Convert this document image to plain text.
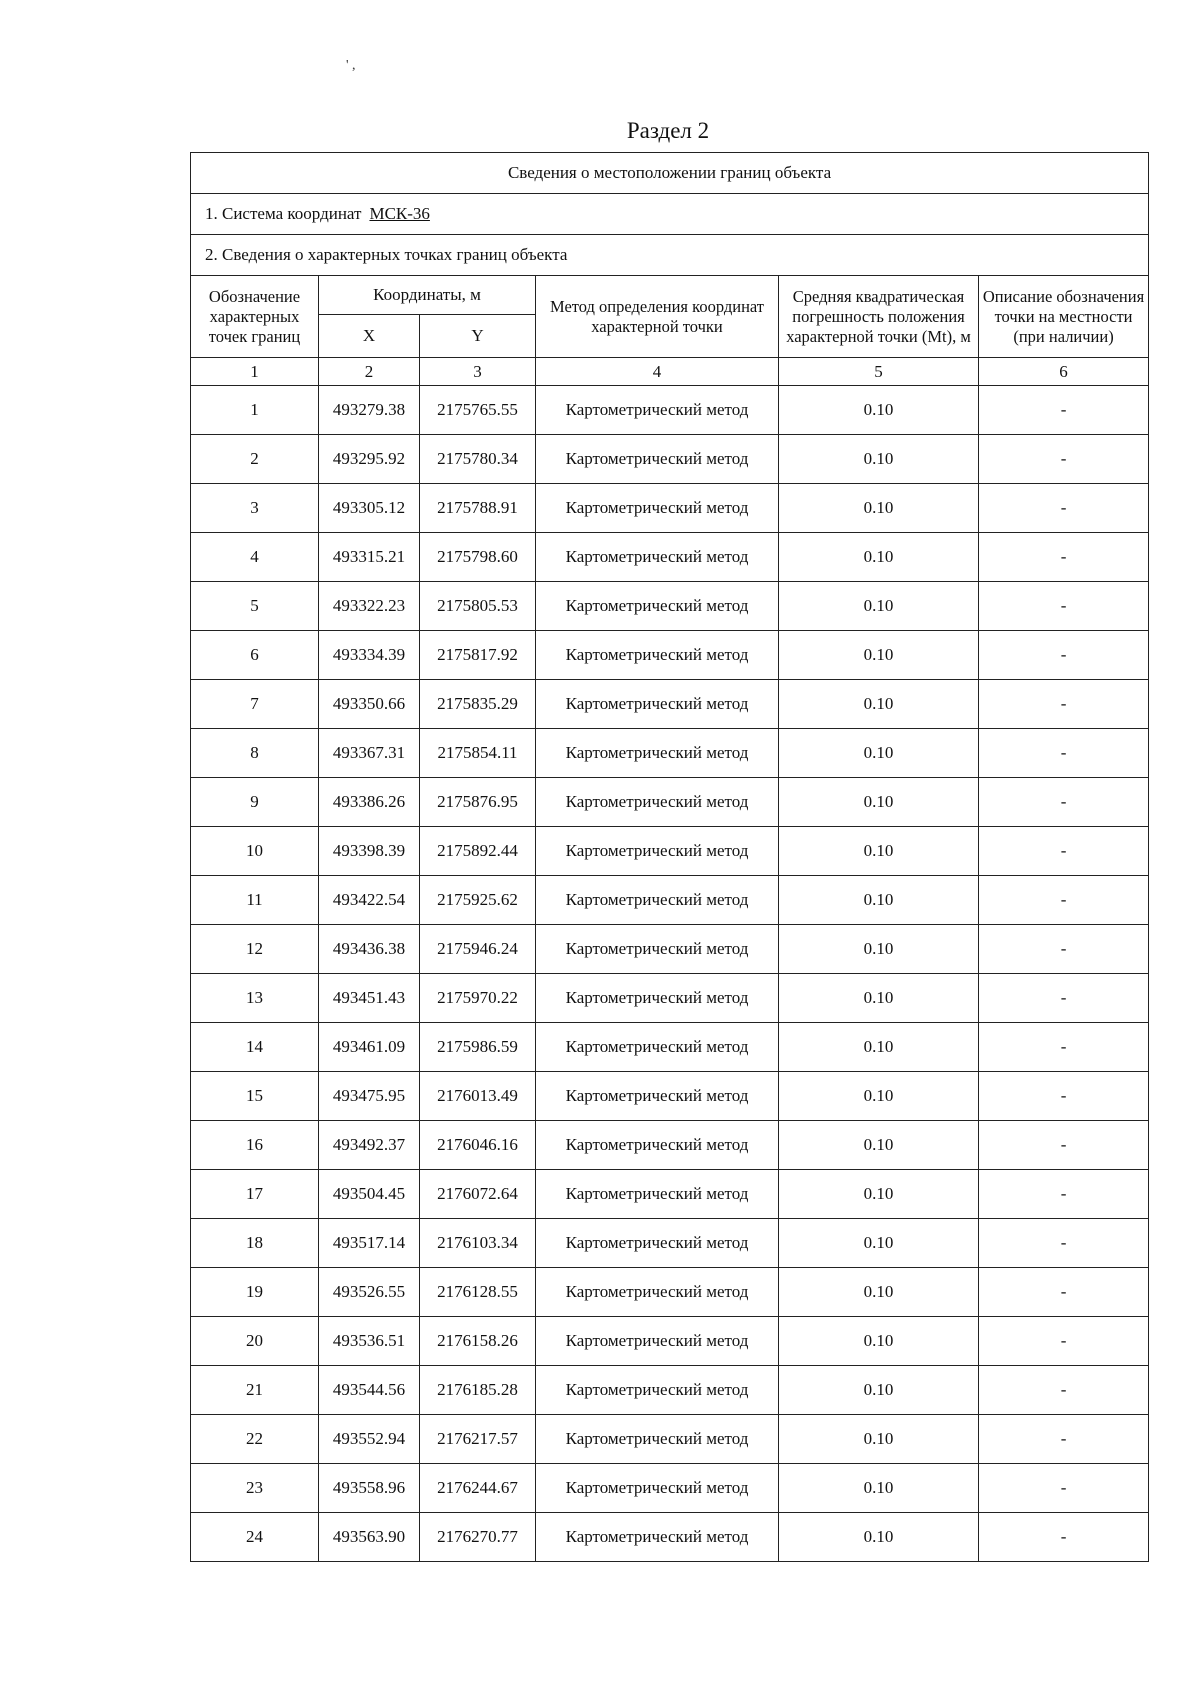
' ,
Раздел 2
Сведения о местоположении границ объекта					
1. Система координат МСК-36					
2. Сведения о характерных точках границ объекта					
Обозначение характерных точек границ	Координаты, м		Метод определения координат характерной точки	Средняя квадратическая погрешность положения характерной точки (Mt), м	Описание обозначения точки на местности (при наличии)
	X	Y			
1	2	3	4	5	6
1	493279.38	2175765.55	Картометрический метод	0.10	-
2	493295.92	2175780.34	Картометрический метод	0.10	-
3	493305.12	2175788.91	Картометрический метод	0.10	-
4	493315.21	2175798.60	Картометрический метод	0.10	-
5	493322.23	2175805.53	Картометрический метод	0.10	-
6	493334.39	2175817.92	Картометрический метод	0.10	-
7	493350.66	2175835.29	Картометрический метод	0.10	-
8	493367.31	2175854.11	Картометрический метод	0.10	-
9	493386.26	2175876.95	Картометрический метод	0.10	-
10	493398.39	2175892.44	Картометрический метод	0.10	-
11	493422.54	2175925.62	Картометрический метод	0.10	-
12	493436.38	2175946.24	Картометрический метод	0.10	-
13	493451.43	2175970.22	Картометрический метод	0.10	-
14	493461.09	2175986.59	Картометрический метод	0.10	-
15	493475.95	2176013.49	Картометрический метод	0.10	-
16	493492.37	2176046.16	Картометрический метод	0.10	-
17	493504.45	2176072.64	Картометрический метод	0.10	-
18	493517.14	2176103.34	Картометрический метод	0.10	-
19	493526.55	2176128.55	Картометрический метод	0.10	-
20	493536.51	2176158.26	Картометрический метод	0.10	-
21	493544.56	2176185.28	Картометрический метод	0.10	-
22	493552.94	2176217.57	Картометрический метод	0.10	-
23	493558.96	2176244.67	Картометрический метод	0.10	-
24	493563.90	2176270.77	Картометрический метод	0.10	-
